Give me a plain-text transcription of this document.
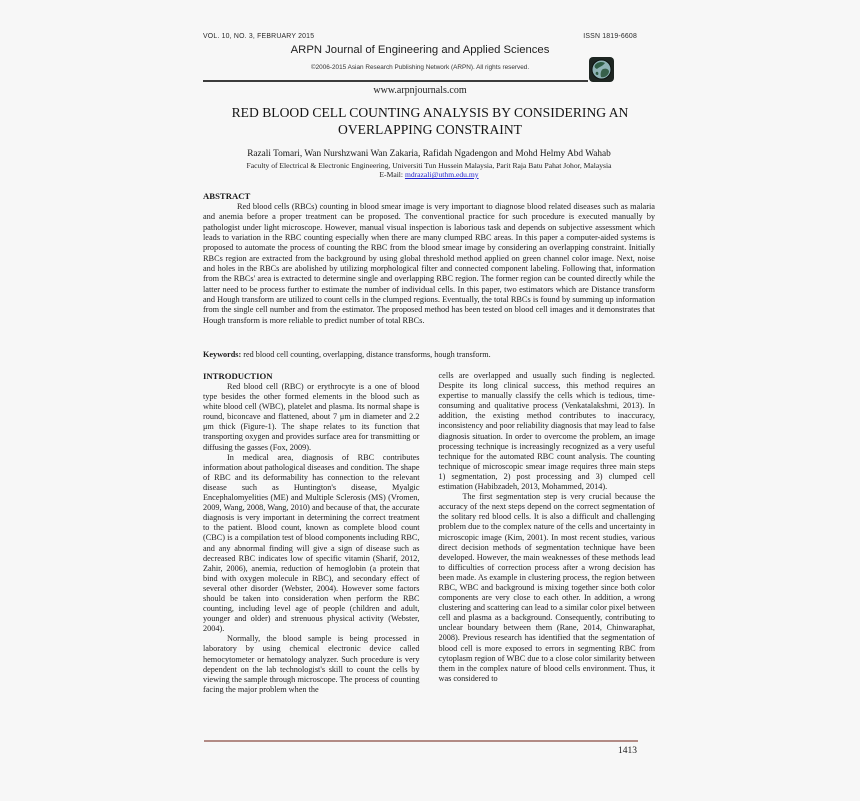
VOL. 10, NO. 3, FEBRUARY 2015	ISSN 1819-6608
ARPN Journal of Engineering and Applied Sciences
©2006-2015 Asian Research Publishing Network (ARPN). All rights reserved.
www.arpnjournals.com
RED BLOOD CELL COUNTING ANALYSIS BY CONSIDERING AN OVERLAPPING CONSTRAINT
Razali Tomari, Wan Nurshzwani Wan Zakaria, Rafidah Ngadengon and Mohd Helmy Abd Wahab
Faculty of Electrical & Electronic Engineering, Universiti Tun Hussein Malaysia, Parit Raja Batu Pahat Johor, Malaysia
E-Mail: mdrazali@uthm.edu.my
ABSTRACT

Red blood cells (RBCs) counting in blood smear image is very important to diagnose blood related diseases such as malaria and anemia before a proper treatment can be proposed. The conventional practice for such procedure is executed manually by pathologist under light microscope. However, manual visual inspection is laborious task and depends on subjective assessment which leads to variation in the RBC counting especially when there are many clumped RBC areas. In this paper a computer-aided systems is proposed to automate the process of counting the RBC from the blood smear image by considering an overlapping constraint. Initially RBCs region are extracted from the background by using global threshold method applied on green channel color image. Next, noise and holes in the RBCs are abolished by utilizing morphological filter and connected component labeling. Following that, information from the RBCs' area is extracted to determine single and overlapping RBC region. The former region can be counted directly while the latter need to be process further to estimate the number of individual cells. In this paper, two estimators which are Distance transform and Hough transform are utilized to count cells in the clumped regions. Eventually, the total RBCs is found by summing up information from the single cell number and from the estimator. The proposed method has been tested on blood cell images and it demonstrates that Hough transform is more reliable to predict number of total RBCs.

Keywords: red blood cell counting, overlapping, distance transforms, hough transform.

INTRODUCTION

Red blood cell (RBC) or erythrocyte is a one of blood type besides the other formed elements in the blood such as white blood cell (WBC), platelet and plasma. Its normal shape is round, biconcave and flattened, about 7 μm in diameter and 2.2 μm thick (Figure-1). The shape relates to its function that transporting oxygen and provides surface area for transmitting or diffusing the gasses (Fox, 2009).

In medical area, diagnosis of RBC contributes information about pathological diseases and condition. The shape of RBC and its deformability has connection to the relevant disease such as Huntington's disease, Myalgic Encephalomyelities (ME) and Multiple Sclerosis (MS) (Vromen, 2009, Wang, 2008, Wang, 2010) and because of that, the accurate diagnosis is very important in determining the correct treatment to the patient. Blood count, known as complete blood count (CBC) is a compilation test of blood components including RBC, and any abnormal finding will give a sign of disease such as decreased RBC indicates low of specific vitamin (Sharif, 2012, Zahir, 2006), anemia, reduction of hemoglobin (a protein that bind with oxygen molecule in RBC), and secondary effect of several other disorder (Webster, 2004). However some factors should be taken into consideration when perform the RBC counting, including level age of people (children and adult, younger and older) and strenuous physical activity (Webster, 2004).

Normally, the blood sample is being processed in laboratory by using chemical electronic device called hemocytometer or hematology analyzer. Such procedure is very dependent on the lab technologist's skill to count the cells by viewing the sample through microscope. The process of counting facing the major problem when the

cells are overlapped and usually such finding is neglected. Despite its long clinical success, this method requires an expertise to manually classify the cells which is tedious, time-consuming and qualitative process (Venkatalakshmi, 2013). In addition, the existing method contributes to inaccuracy, inconsistency and poor reliability diagnosis that may lead to false diagnosis situation. In order to overcome the problem, an image processing technique is increasingly recognized as a very useful technique for the automated RBC count analysis. The counting technique of microscopic smear image requires three main steps 1) segmentation, 2) post processing and 3) clumped cell estimation (Habibzadeh, 2013, Mohammed, 2014).

The first segmentation step is very crucial because the accuracy of the next steps depend on the correct segmentation of the solitary red blood cells. It is also a difficult and challenging problem due to the complex nature of the cells and uncertainty in microscopic image (Kim, 2001). In most recent studies, various direct decision methods of segmentation technique have been developed. However, the main weaknesses of these methods lead to difficulties of correction process after a wrong decision has been made. As example in clustering process, the region between RBC, WBC and background is mixing together since both color components are very close to each other. In addition, a wrong clustering and scattering can lead to a similar color pixel between cell and plasma as a background. Consequently, contributing to unclear boundary between them (Rane, 2014, Chinwaraphat, 2008). Previous research has identified that the segmentation of blood cell is more exposed to errors in segmenting RBC from cytoplasm region of WBC due to a close color similarity between them in the complex nature of blood cells environment. Thus, it was considered to

1413
